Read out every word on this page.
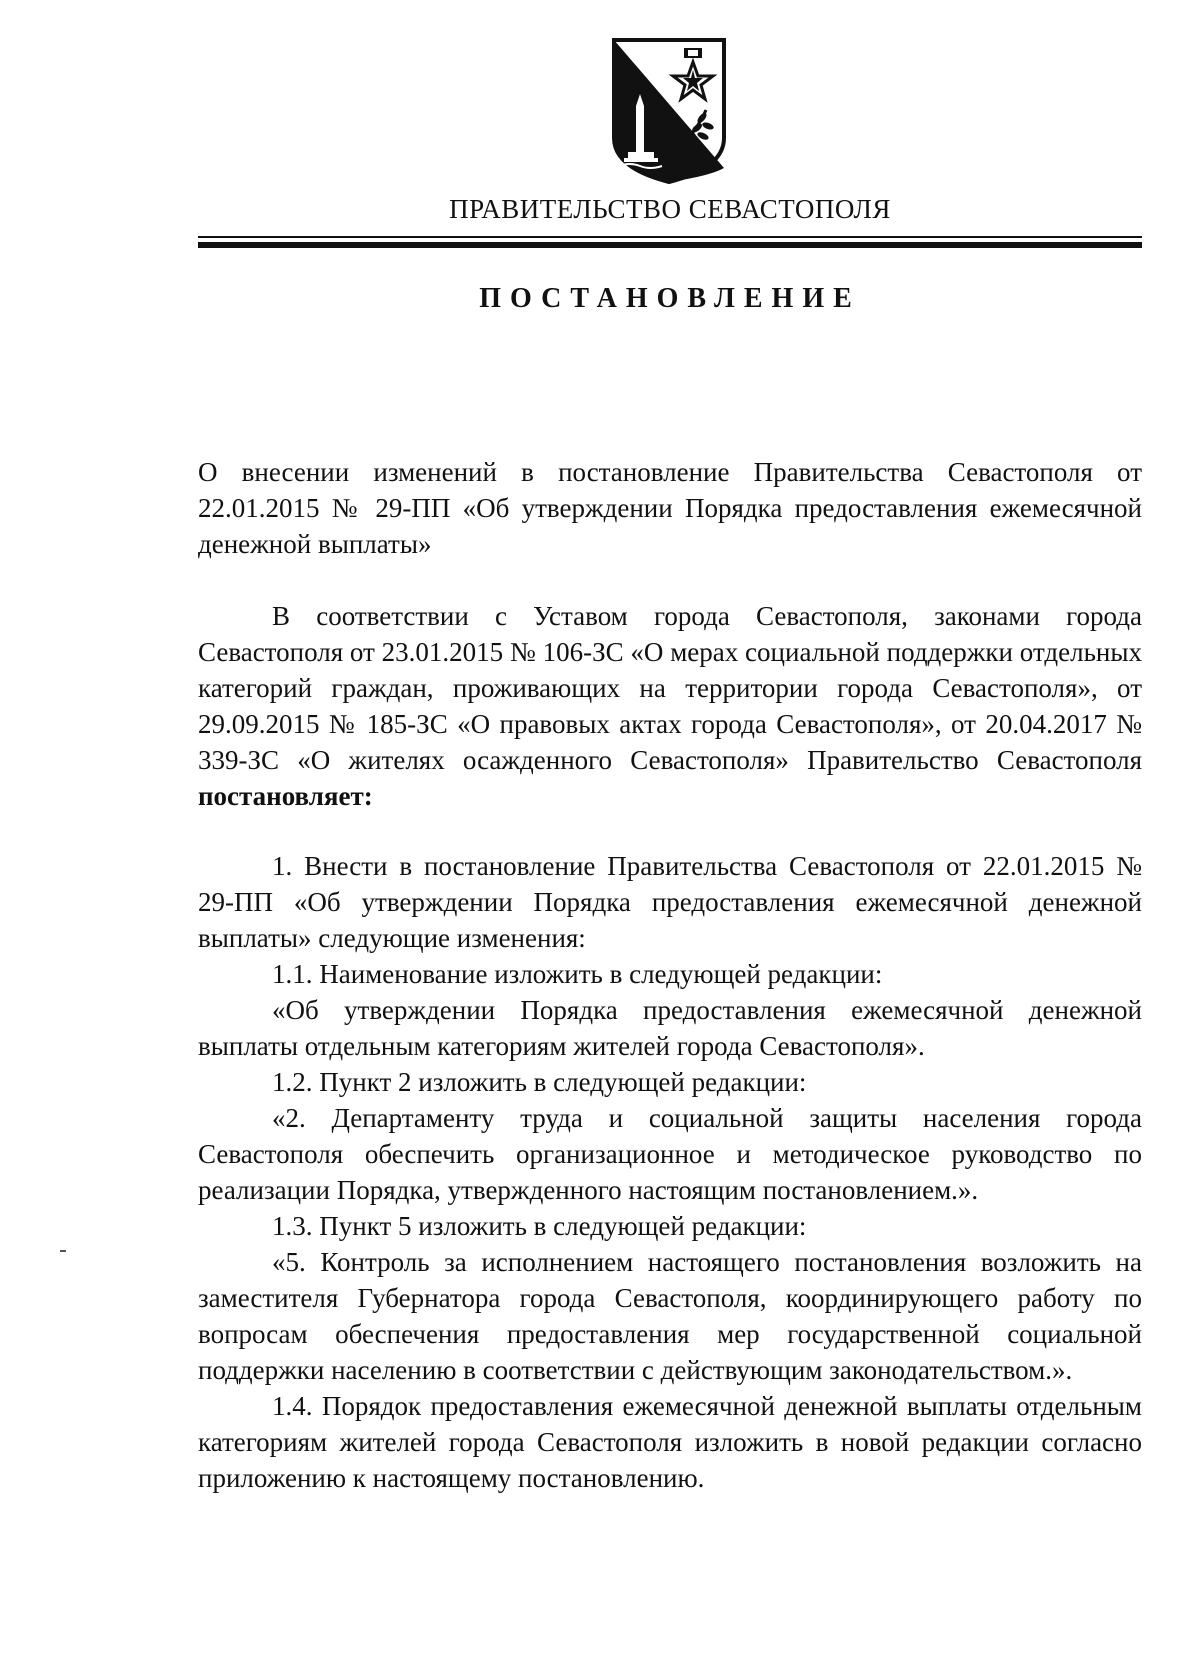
ПРАВИТЕЛЬСТВО СЕВАСТОПОЛЯ
ПОСТАНОВЛЕНИЕ
О внесении изменений в постановление Правительства Севастополя от 22.01.2015 № 29-ПП «Об утверждении Порядка предоставления ежемесячной денежной выплаты»

В соответствии с Уставом города Севастополя, законами города Севастополя от 23.01.2015 № 106-ЗС «О мерах социальной поддержки отдельных категорий граждан, проживающих на территории города Севастополя», от 29.09.2015 № 185-ЗС «О правовых актах города Севастополя», от 20.04.2017 № 339-ЗС «О жителях осажденного Севастополя» Правительство Севастополя постановляет:

1. Внести в постановление Правительства Севастополя от 22.01.2015 № 29-ПП «Об утверждении Порядка предоставления ежемесячной денежной выплаты» следующие изменения:

1.1. Наименование изложить в следующей редакции:

«Об утверждении Порядка предоставления ежемесячной денежной выплаты отдельным категориям жителей города Севастополя».

1.2. Пункт 2 изложить в следующей редакции:

«2. Департаменту труда и социальной защиты населения города Севастополя обеспечить организационное и методическое руководство по реализации Порядка, утвержденного настоящим постановлением.».

1.3. Пункт 5 изложить в следующей редакции:

«5. Контроль за исполнением настоящего постановления возложить на заместителя Губернатора города Севастополя, координирующего работу по вопросам обеспечения предоставления мер государственной социальной поддержки населению в соответствии с действующим законодательством.».

1.4. Порядок предоставления ежемесячной денежной выплаты отдельным категориям жителей города Севастополя изложить в новой редакции согласно приложению к настоящему постановлению.
